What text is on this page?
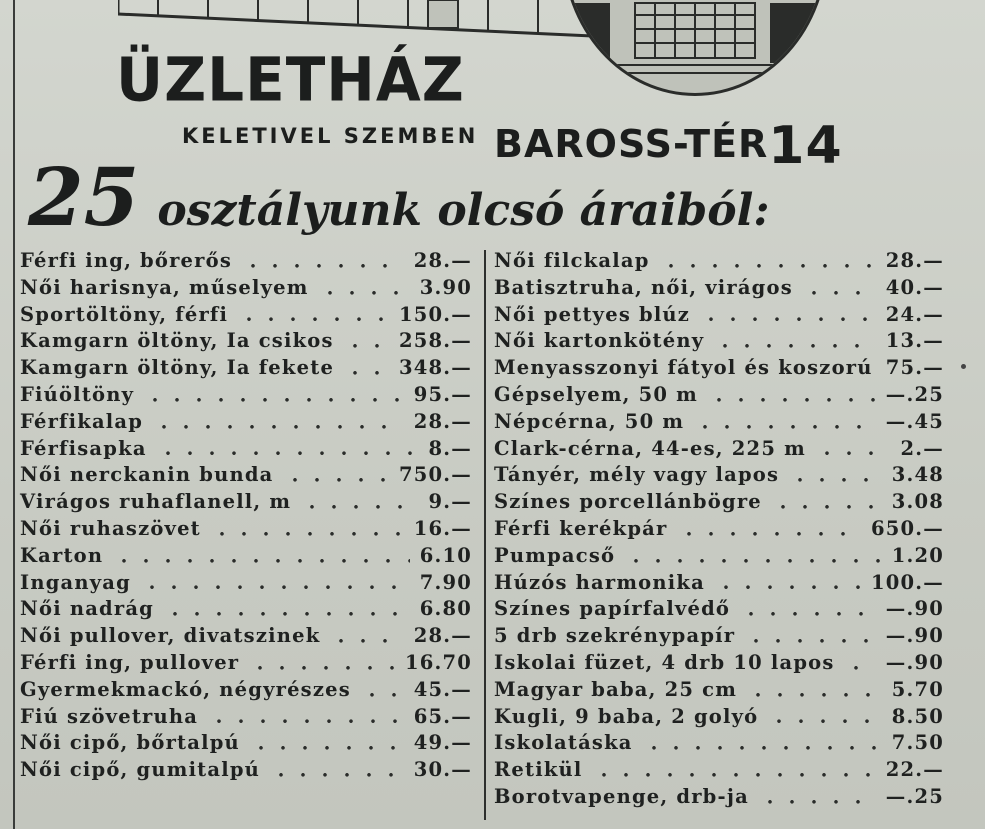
ÜZLETHÁZ
KELETIVEL SZEMBEN BAROSS-TÉR14
25 osztályunk olcsó áraiból:
Férfi ing, bőrerős	28.—
Női harisnya, műselyem	3.90
Sportöltöny, férfi	150.—
Kamgarn öltöny, Ia csikos	258.—
Kamgarn öltöny, Ia fekete	348.—
Fiúöltöny	95.—
Férfikalap	28.—
Férfisapka	8.—
Női nerckanin bunda	750.—
Virágos ruhaflanell, m	9.—
Női ruhaszövet	16.—
Karton	6.10
Inganyag	7.90
Női nadrág	6.80
Női pullover, divatszinek	28.—
Férfi ing, pullover	16.70
Gyermekmackó, négyrészes	45.—
Fiú szövetruha	65.—
Női cipő, bőrtalpú	49.—
Női cipő, gumitalpú	30.—
Női filckalap	28.—
Batisztruha, női, virágos	40.—
Női pettyes blúz	24.—
Női kartonkötény	13.—
Menyasszonyi fátyol és koszorú 75.—
Gépselyem, 50 m	—.25
Népcérna, 50 m	—.45
Clark-cérna, 44-es, 225 m	2.—
Tányér, mély vagy lapos	3.48
Színes porcellánbögre	3.08
Férfi kerékpár	650.—
Pumpacső	1.20
Húzós harmonika	100.—
Színes papírfalvédő	—.90
5 drb szekrénypapír	—.90
Iskolai füzet, 4 drb 10 lapos	—.90
Magyar baba, 25 cm	5.70
Kugli, 9 baba, 2 golyó	8.50
Iskolatáska	7.50
Retikül	22.—
Borotvapenge, drb-ja	—.25
